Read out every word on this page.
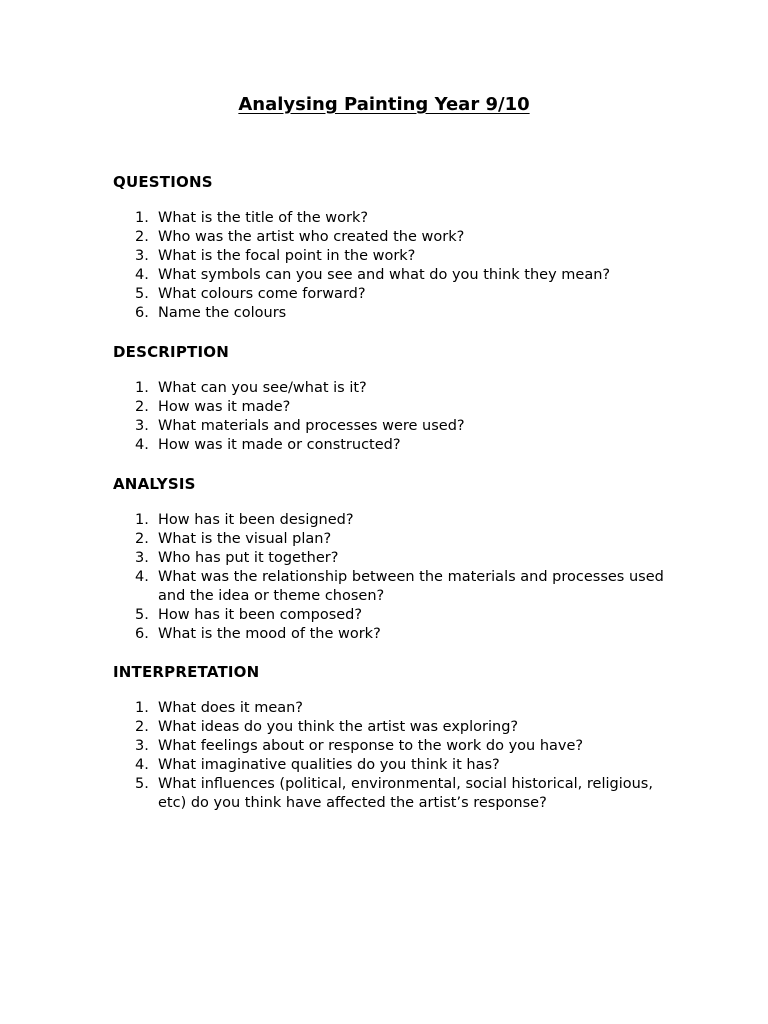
Analysing Painting Year 9/10
QUESTIONS
1. What is the title of the work?
2. Who was the artist who created the work?
3. What is the focal point in the work?
4. What symbols can you see and what do you think they mean?
5. What colours come forward?
6. Name the colours
DESCRIPTION
1. What can you see/what is it?
2. How was it made?
3. What materials and processes were used?
4. How was it made or constructed?
ANALYSIS
1. How has it been designed?
2. What is the visual plan?
3. Who has put it together?
4. What was the relationship between the materials and processes used and the idea or theme chosen?
5. How has it been composed?
6. What is the mood of the work?
INTERPRETATION
1. What does it mean?
2. What ideas do you think the artist was exploring?
3. What feelings about or response to the work do you have?
4. What imaginative qualities do you think it has?
5. What influences (political, environmental, social historical, religious, etc) do you think have affected the artist’s response?
